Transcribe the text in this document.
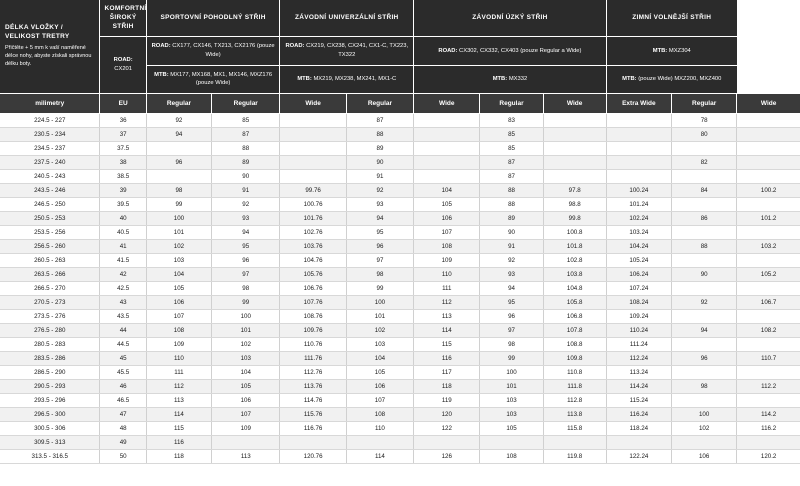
DÉLKA VLOŽKY / VELIKOST TRETRY
Přičtěte + 5 mm k vaší naměřené délce nohy, abyste získali správnou délku boty.	KOMFORTNÍ ŠIROKÝ STŘIH	SPORTOVNÍ POHODLNÝ STŘIH		ZÁVODNÍ UNIVERZÁLNÍ STŘIH		ZÁVODNÍ ÚZKÝ STŘIH			ZIMNÍ VOLNĚJŠÍ STŘIH		
	ROAD: CX201	ROAD: CX177, CX146, TX213, CX2176 (pouze Wide)		ROAD: CX219, CX238, CX241, CX1-C, TX223, TX322		ROAD: CX302, CX332, CX403 (pouze Regular a Wide)			MTB: MXZ304		
		MTB: MX177, MX168, MX1, MX146, MXZ176 (pouze Wide)		MTB: MX219, MX238, MX241, MX1-C		MTB: MX332			MTB: (pouze Wide) MXZ200, MXZ400		
milimetry	EU	Regular	Regular	Wide	Regular	Wide	Regular	Wide	Extra Wide	Regular	Wide
224.5 - 227	36	92	85		87		83			78	
230.5 - 234	37	94	87		88		85			80	
234.5 - 237	37.5		88		89		85				
237.5 - 240	38	96	89		90		87			82	
240.5 - 243	38.5		90		91		87				
243.5 - 246	39	98	91	99.76	92	104	88	97.8	100.24	84	100.2
246.5 - 250	39.5	99	92	100.76	93	105	88	98.8	101.24		
250.5 - 253	40	100	93	101.76	94	106	89	99.8	102.24	86	101.2
253.5 - 256	40.5	101	94	102.76	95	107	90	100.8	103.24		
256.5 - 260	41	102	95	103.76	96	108	91	101.8	104.24	88	103.2
260.5 - 263	41.5	103	96	104.76	97	109	92	102.8	105.24		
263.5 - 266	42	104	97	105.76	98	110	93	103.8	106.24	90	105.2
266.5 - 270	42.5	105	98	106.76	99	111	94	104.8	107.24		
270.5 - 273	43	106	99	107.76	100	112	95	105.8	108.24	92	106.7
273.5 - 276	43.5	107	100	108.76	101	113	96	106.8	109.24		
276.5 - 280	44	108	101	109.76	102	114	97	107.8	110.24	94	108.2
280.5 - 283	44.5	109	102	110.76	103	115	98	108.8	111.24		
283.5 - 286	45	110	103	111.76	104	116	99	109.8	112.24	96	110.7
286.5 - 290	45.5	111	104	112.76	105	117	100	110.8	113.24		
290.5 - 293	46	112	105	113.76	106	118	101	111.8	114.24	98	112.2
293.5 - 296	46.5	113	106	114.76	107	119	103	112.8	115.24		
296.5 - 300	47	114	107	115.76	108	120	103	113.8	116.24	100	114.2
300.5 - 306	48	115	109	116.76	110	122	105	115.8	118.24	102	116.2
309.5 - 313	49	116									
313.5 - 316.5	50	118	113	120.76	114	126	108	119.8	122.24	106	120.2
